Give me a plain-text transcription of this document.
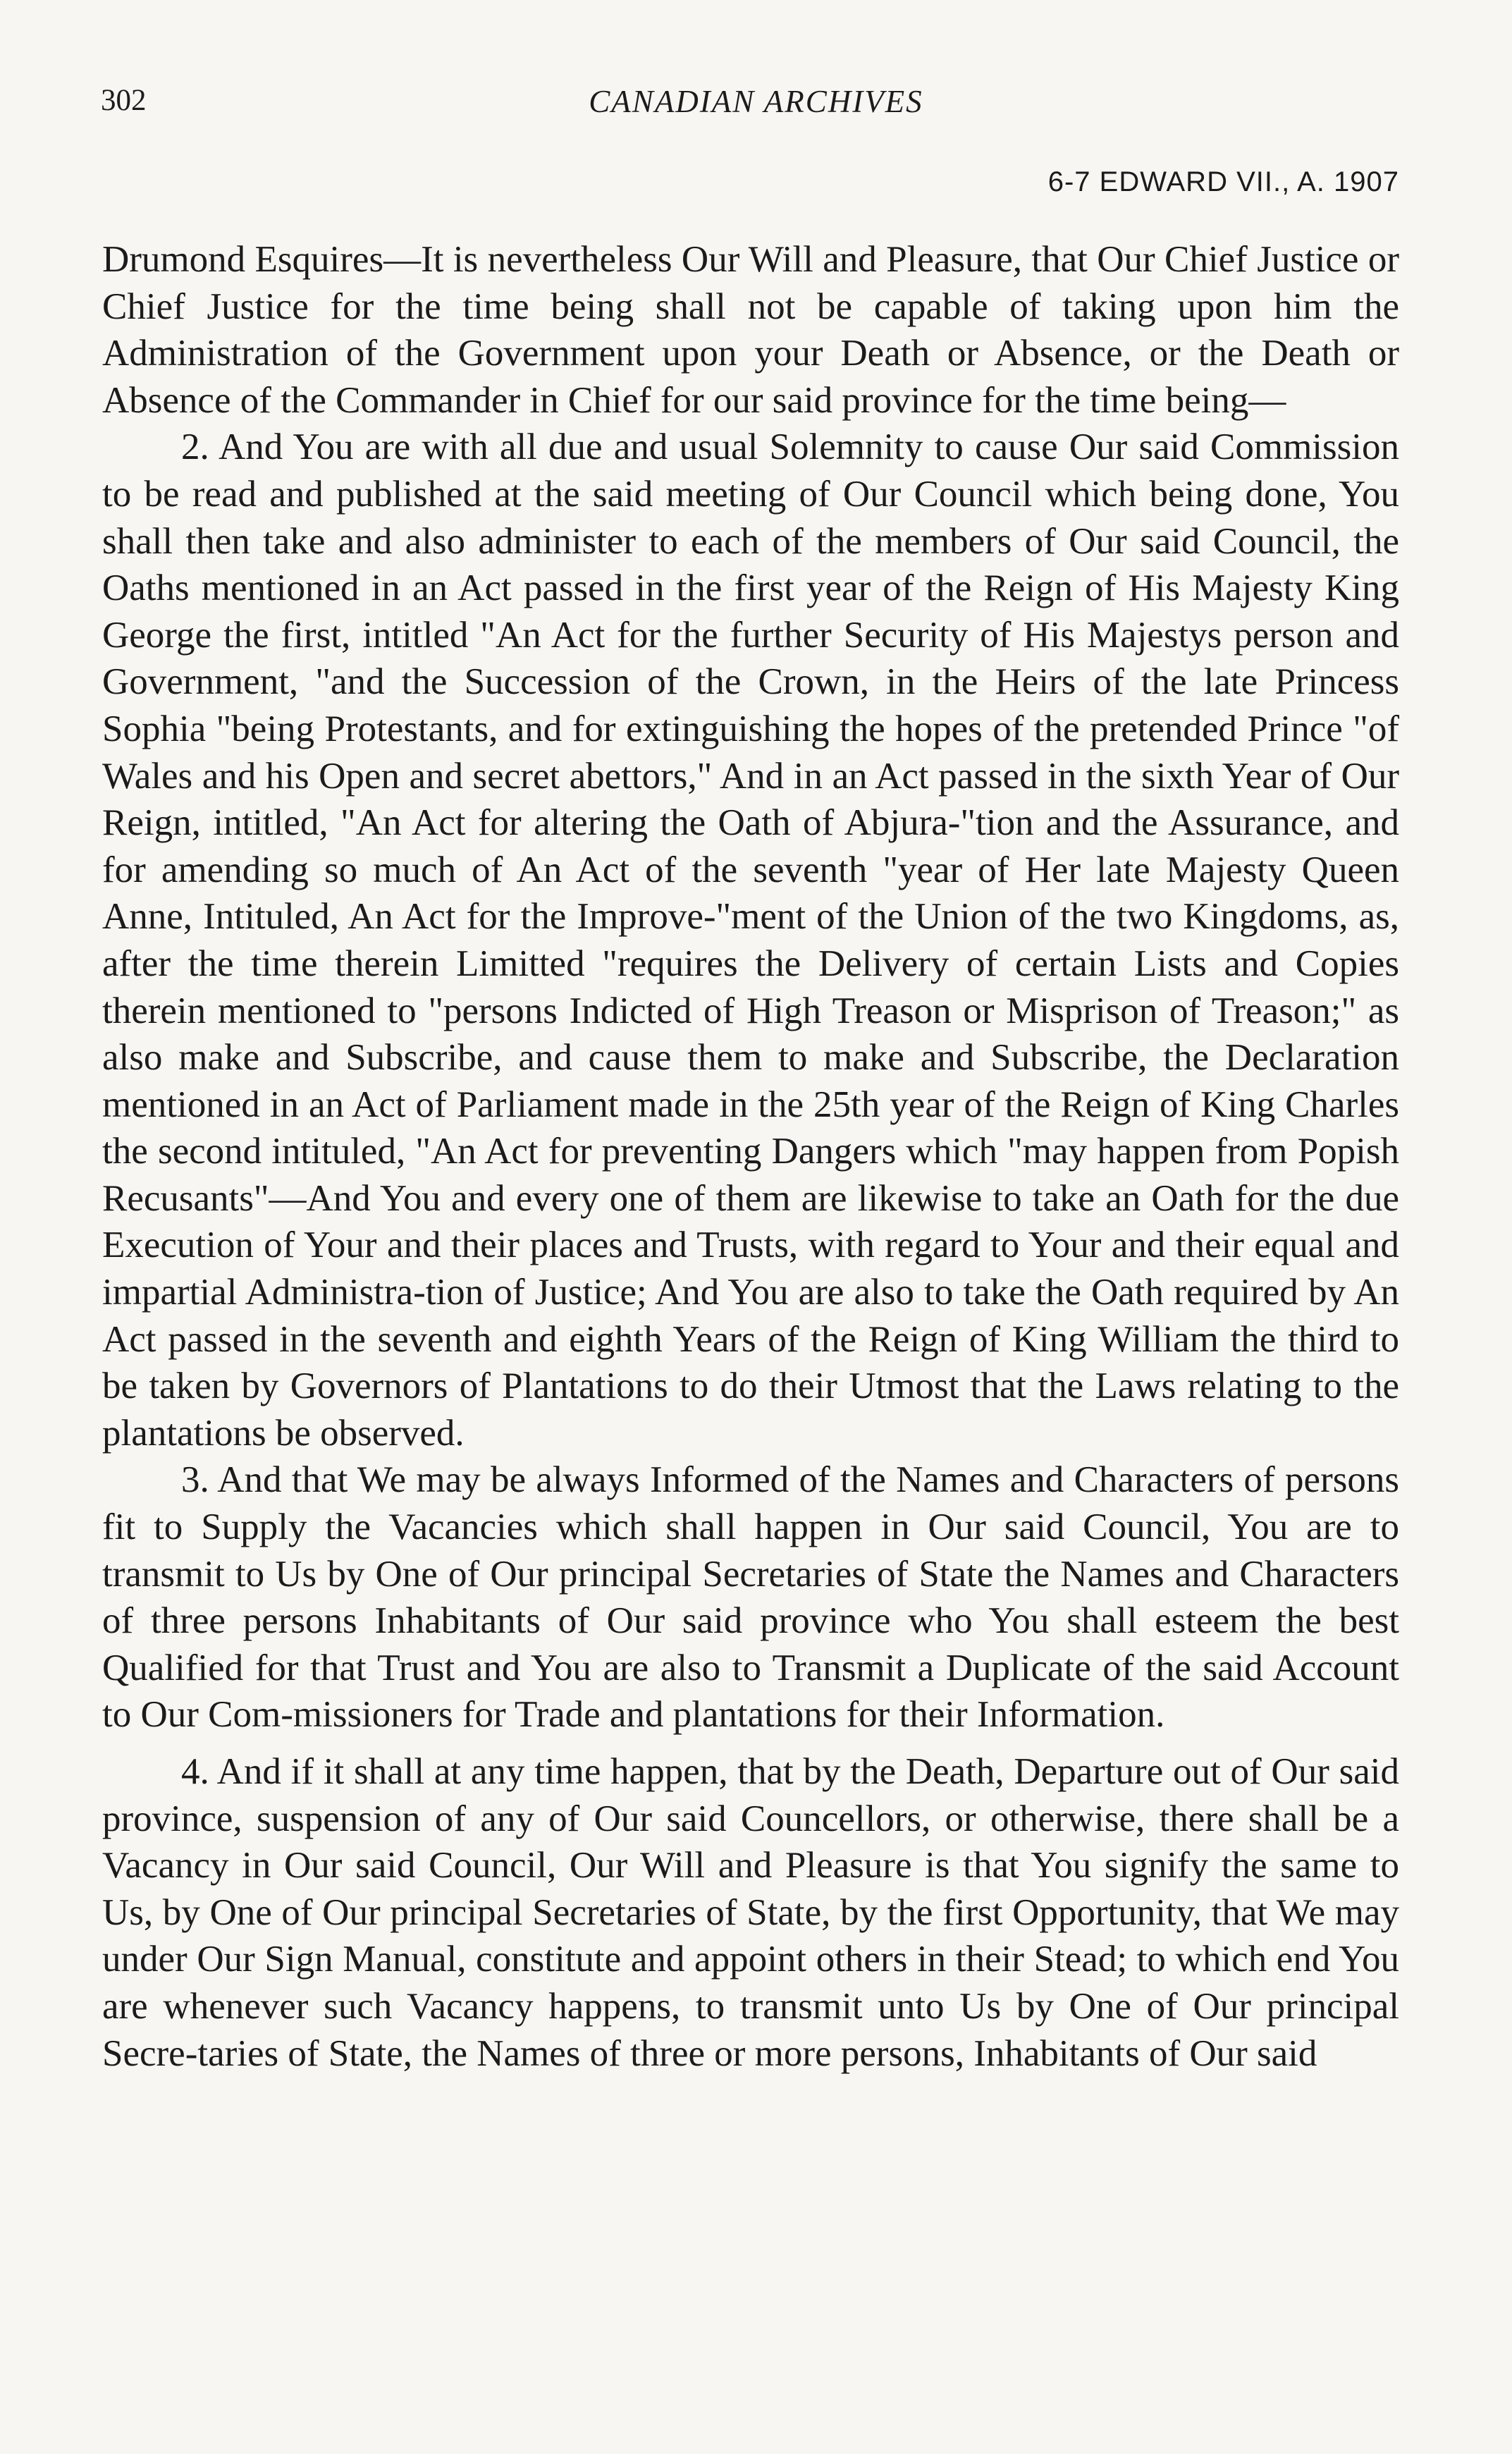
302	CANADIAN ARCHIVES
6-7 EDWARD VII., A. 1907

Drumond Esquires—It is nevertheless Our Will and Pleasure, that Our Chief Justice or Chief Justice for the time being shall not be capable of taking upon him the Administration of the Government upon your Death or Absence, or the Death or Absence of the Commander in Chief for our said province for the time being—

2. And You are with all due and usual Solemnity to cause Our said Commission to be read and published at the said meeting of Our Council which being done, You shall then take and also administer to each of the members of Our said Council, the Oaths mentioned in an Act passed in the first year of the Reign of His Majesty King George the first, intitled "An Act for the further Security of His Majestys person and Government, "and the Succession of the Crown, in the Heirs of the late Princess Sophia "being Protestants, and for extinguishing the hopes of the pretended Prince "of Wales and his Open and secret abettors," And in an Act passed in the sixth Year of Our Reign, intitled, "An Act for altering the Oath of Abjura-"tion and the Assurance, and for amending so much of An Act of the seventh "year of Her late Majesty Queen Anne, Intituled, An Act for the Improve-"ment of the Union of the two Kingdoms, as, after the time therein Limitted "requires the Delivery of certain Lists and Copies therein mentioned to "persons Indicted of High Treason or Misprison of Treason;" as also make and Subscribe, and cause them to make and Subscribe, the Declaration mentioned in an Act of Parliament made in the 25th year of the Reign of King Charles the second intituled, "An Act for preventing Dangers which "may happen from Popish Recusants"—And You and every one of them are likewise to take an Oath for the due Execution of Your and their places and Trusts, with regard to Your and their equal and impartial Administra-tion of Justice; And You are also to take the Oath required by An Act passed in the seventh and eighth Years of the Reign of King William the third to be taken by Governors of Plantations to do their Utmost that the Laws relating to the plantations be observed.

3. And that We may be always Informed of the Names and Characters of persons fit to Supply the Vacancies which shall happen in Our said Council, You are to transmit to Us by One of Our principal Secretaries of State the Names and Characters of three persons Inhabitants of Our said province who You shall esteem the best Qualified for that Trust and You are also to Transmit a Duplicate of the said Account to Our Com-missioners for Trade and plantations for their Information.

4. And if it shall at any time happen, that by the Death, Departure out of Our said province, suspension of any of Our said Councellors, or otherwise, there shall be a Vacancy in Our said Council, Our Will and Pleasure is that You signify the same to Us, by One of Our principal Secretaries of State, by the first Opportunity, that We may under Our Sign Manual, constitute and appoint others in their Stead; to which end You are whenever such Vacancy happens, to transmit unto Us by One of Our principal Secre-taries of State, the Names of three or more persons, Inhabitants of Our said
